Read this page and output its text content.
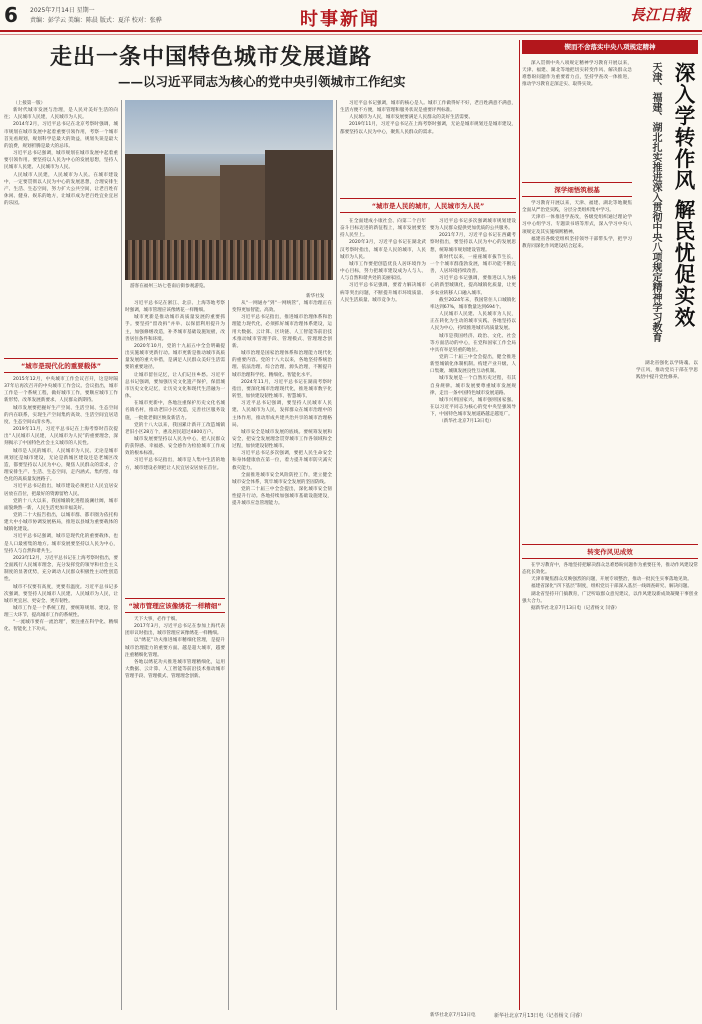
6 2025年7月14日 星期一
责编：彭学云 美编：陈晨 版式：夏洋 校对：张骅	时事新闻	長江日報
走出一条中国特色城市发展道路
——以习近平同志为核心的党中央引领城市工作纪实

（上接第一版）

新时代城市发展与治理，是人民对美好生活的向往；人民城市人民建，人民城市为人民。

2014年2月，习近平总书记在北京考察时强调，城市规划在城市发展中起着重要引领作用，考察一个城市首先看规划，规划科学是最大的效益，规划失误是最大的浪费，规划折腾是最大的忌讳。

习近平总书记强调，城市规划在城市发展中起着重要引领作用。要坚持以人民为中心的发展思想，坚持人民城市人民建、人民城市为人民。

人民城市人民建，人民城市为人民。在城市建设中，一定要贯彻以人民为中心的发展思想，合理安排生产、生活、生态空间，努力扩大公共空间，让老百姓有休闲、健身、娱乐的地方，让城市成为老百姓宜业宜居的乐园。

“城市是现代化的重要载体”

2015年12月，中央城市工作会议召开，这是时隔37年后再次召开的中央城市工作会议。会议指出，城市工作是一个系统工程，做好城市工作，要顺应城市工作新形势、改革发展新要求、人民群众新期待。

城市发展要把握好生产空间、生活空间、生态空间的内在联系，实现生产空间集约高效、生活空间宜居适度、生态空间山清水秀。

2019年11月，习近平总书记在上海考察时首次提出“人民城市人民建，人民城市为人民”的重要理念，深刻揭示了中国特色社会主义城市的人民性。

城市是人民的城市，人民城市为人民。无论是城市规划还是城市建设，无论是新城区建设还是老城区改造，都要坚持以人民为中心，聚焦人民群众的需求，合理安排生产、生活、生态空间，走内涵式、集约型、绿色化的高质量发展路子。

习近平总书记指出，城市建设必须把让人民宜居安居放在首位，把最好的资源留给人民。

党的十八大以来，我国城镇化进程波澜壮阔，城市面貌焕然一新，人民生活更加幸福美好。

党的二十大报告指出，以城市群、都市圈为依托构建大中小城市协调发展格局，推进以县城为重要载体的城镇化建设。

习近平总书记强调，城市是现代化的重要载体，也是人口最密集的地方。城市发展要坚持以人民为中心，坚持人与自然和谐共生。

2023年12月，习近平总书记在上海考察时指出，要全面践行人民城市理念，充分发挥党的领导和社会主义制度的显著优势，充分调动人民群众积极性主动性创造性。

城市不仅要有高度，更要有温度。习近平总书记多次强调，要坚持人民城市人民建、人民城市为人民，让城市更宜居、更安全、更有韧性。

城市工作是一个系统工程，要统筹规划、建设、管理三大环节，提高城市工作的系统性。

“一流城市要有一流治理”，要注重在科学化、精细化、智能化上下功夫。

游客在福州三坊七巷南后街参观游览。
新华社发

习近平总书记在浙江、北京、上海等地考察时强调，城市管理应该像绣花一样精细。

城市更新是推动城市高质量发展的重要抓手。要坚持“留改拆”并举、以保留利用提升为主，加强修缮改造，补齐城市基础设施短板，改善居住条件和环境。

2020年10月，党的十九届五中全会明确提出实施城市更新行动。城市更新是推动城市高质量发展的重大举措，是满足人民群众美好生活需要的重要途径。

让城市留住记忆，让人们记住乡愁。习近平总书记强调，要加强历史文化遗产保护，保留城市历史文化记忆，让历史文化和现代生活融为一体。

在城市更新中，各地注重保护历史文化名城名镇名村，推动老旧小区改造，完善社区服务设施，一批批老街区焕发新活力。

党的十八大以来，我国累计新开工改造城镇老旧小区28万个，惠及居民超过4800万户。

城市发展要坚持以人民为中心，把人民群众的获得感、幸福感、安全感作为检验城市工作成效的根本标准。

习近平总书记指出，城市是人集中生活的地方，城市建设必须把让人民宜居安居放在首位。

“城市管理应该像绣花一样精细”

天下大事，必作于细。

2017年3月，习近平总书记在参加上海代表团审议时指出，城市管理应该像绣花一样精细。

以“绣花”功夫推进城市精细化管理，是提升城市治理能力的重要方面。越是超大城市，越要注重精细化管理。

各地以绣花功夫推进城市管理精细化，运用大数据、云计算、人工智能等前沿技术推动城市管理手段、管理模式、管理理念创新。

从“一网通办”到“一网统管”，城市治理正在变得更加智能、高效。

习近平总书记指出，推进城市治理体系和治理能力现代化，必须抓好城市治理体系建设，运用大数据、云计算、区块链、人工智能等前沿技术推动城市管理手段、管理模式、管理理念创新。

城市治理是国家治理体系和治理能力现代化的重要内容。党的十八大以来，各地坚持系统治理、依法治理、综合治理、源头治理，不断提升城市治理科学化、精细化、智能化水平。

2024年11月，习近平总书记在湖南考察时指出，要深化城市治理现代化，推进城市数字化转型，加快建设韧性城市、智慧城市。

习近平总书记强调，要坚持人民城市人民建、人民城市为人民，发挥群众在城市治理中的主体作用，推动形成共建共治共享的城市治理格局。

城市安全是城市发展的底线。要统筹发展和安全，把安全发展理念贯穿城市工作各领域和全过程，加快建设韧性城市。

习近平总书记多次强调，要把人民生命安全和身体健康放在第一位，着力提升城市防灾减灾救灾能力。

全面推进城市安全风险防控工作，建立健全城市安全体系，筑牢城市安全发展的坚固防线。

党的二十届三中全会提出，深化城市安全韧性提升行动。各地持续加强城市基础设施建设，提升城市应急管理能力。

习近平总书记强调，城市的核心是人。城市工作做得好不好，老百姓满意不满意，生活方便不方便，城市管理和服务状况是重要评判标准。

人民城市为人民，城市发展要满足人民群众的美好生活需要。

2019年11月，习近平总书记在上海考察时强调，无论是城市规划还是城市建设，都要坚持以人民为中心，聚焦人民群众的需求。

“城市是人民的城市，人民城市为人民”

在全面建成小康社会、向第二个百年奋斗目标迈进的新征程上，城市发展要坚持人民至上。

2020年3月，习近平总书记在湖北武汉考察时指出，城市是人民的城市，人民城市为人民。

城市工作要把创造优良人居环境作为中心目标，努力把城市建设成为人与人、人与自然和谐共处的美丽家园。

习近平总书记强调，要着力解决城市病等突出问题，不断提升城市环境质量、人民生活质量、城市竞争力。

习近平总书记多次强调城市规划建设要为人民群众提供更加优质的公共服务。

2021年7月，习近平总书记在西藏考察时指出，要坚持以人民为中心的发展思想，统筹城市规划建设管理。

新时代以来，一座座城市拔节生长，一个个城市群蓬勃发展，城市功能不断完善，人居环境持续改善。

习近平总书记强调，要推进以人为核心的新型城镇化，提高城镇化质量，让更多农业转移人口融入城市。

截至2024年末，我国常住人口城镇化率达到67%，城市数量达到694个。

人民城市人民建、人民城市为人民，正在转化为生动的城市实践。各地坚持以人民为中心，持续推进城市高质量发展。

城市是我国经济、政治、文化、社会等方面活动的中心，在党和国家工作全局中具有举足轻重的地位。

党的二十届三中全会提出，健全推进新型城镇化体制机制。构建产业升级、人口集聚、城镇发展良性互动机制。

城市发展是一个自然历史过程，有其自身规律。城市发展要尊重城市发展规律，走出一条中国特色城市发展道路。

城市兴则国家兴，城市强则国家强。在以习近平同志为核心的党中央坚强领导下，中国特色城市发展道路越走越宽广。

（新华社北京7月13日电）

新华社北京7月13日电
锲而不舍落实中央八项规定精神
深入学转作风 解民忧促实效
天津、福建、湖北扎实推进深入贯彻中央八项规定精神学习教育

深入贯彻中央八项规定精神学习教育开展以来，天津、福建、湖北等地把切实转变作风、解决群众急难愁盼问题作为重要着力点，坚持学查改一体推进，推动学习教育走深走实、取得实效。

深学细悟筑根基

学习教育开展以来，天津、福建、湖北等地聚焦全面从严治党实践，分层分类组织集中学习。

天津市一体推进学查改，各级党组织通过理论学习中心组学习、专题读书班等形式，深入学习中央八项规定及其实施细则精神。

福建省各级党组织坚持领导干部带头学，把学习教育同深化作风建设结合起来。

湖北省强化以学铸魂、以学正风，推动党员干部在学思践悟中提升党性修养。

转变作风见成效

在学习教育中，各地坚持把解决群众急难愁盼问题作为重要任务，推动作风建设常态化长效化。

天津市聚焦群众反映强烈的问题，开展专项整治，推动一批民生实事落地见效。

福建省深化“四下基层”制度，组织党员干部深入基层一线调查研究、解决问题。

湖北省坚持开门搞教育，广泛听取群众意见建议，以作风建设新成效凝聚干事创业强大合力。

据新华社北京7月13日电（记者杨文 闫睿）

新华社北京7月13日电（记者杨文 闫睿）
